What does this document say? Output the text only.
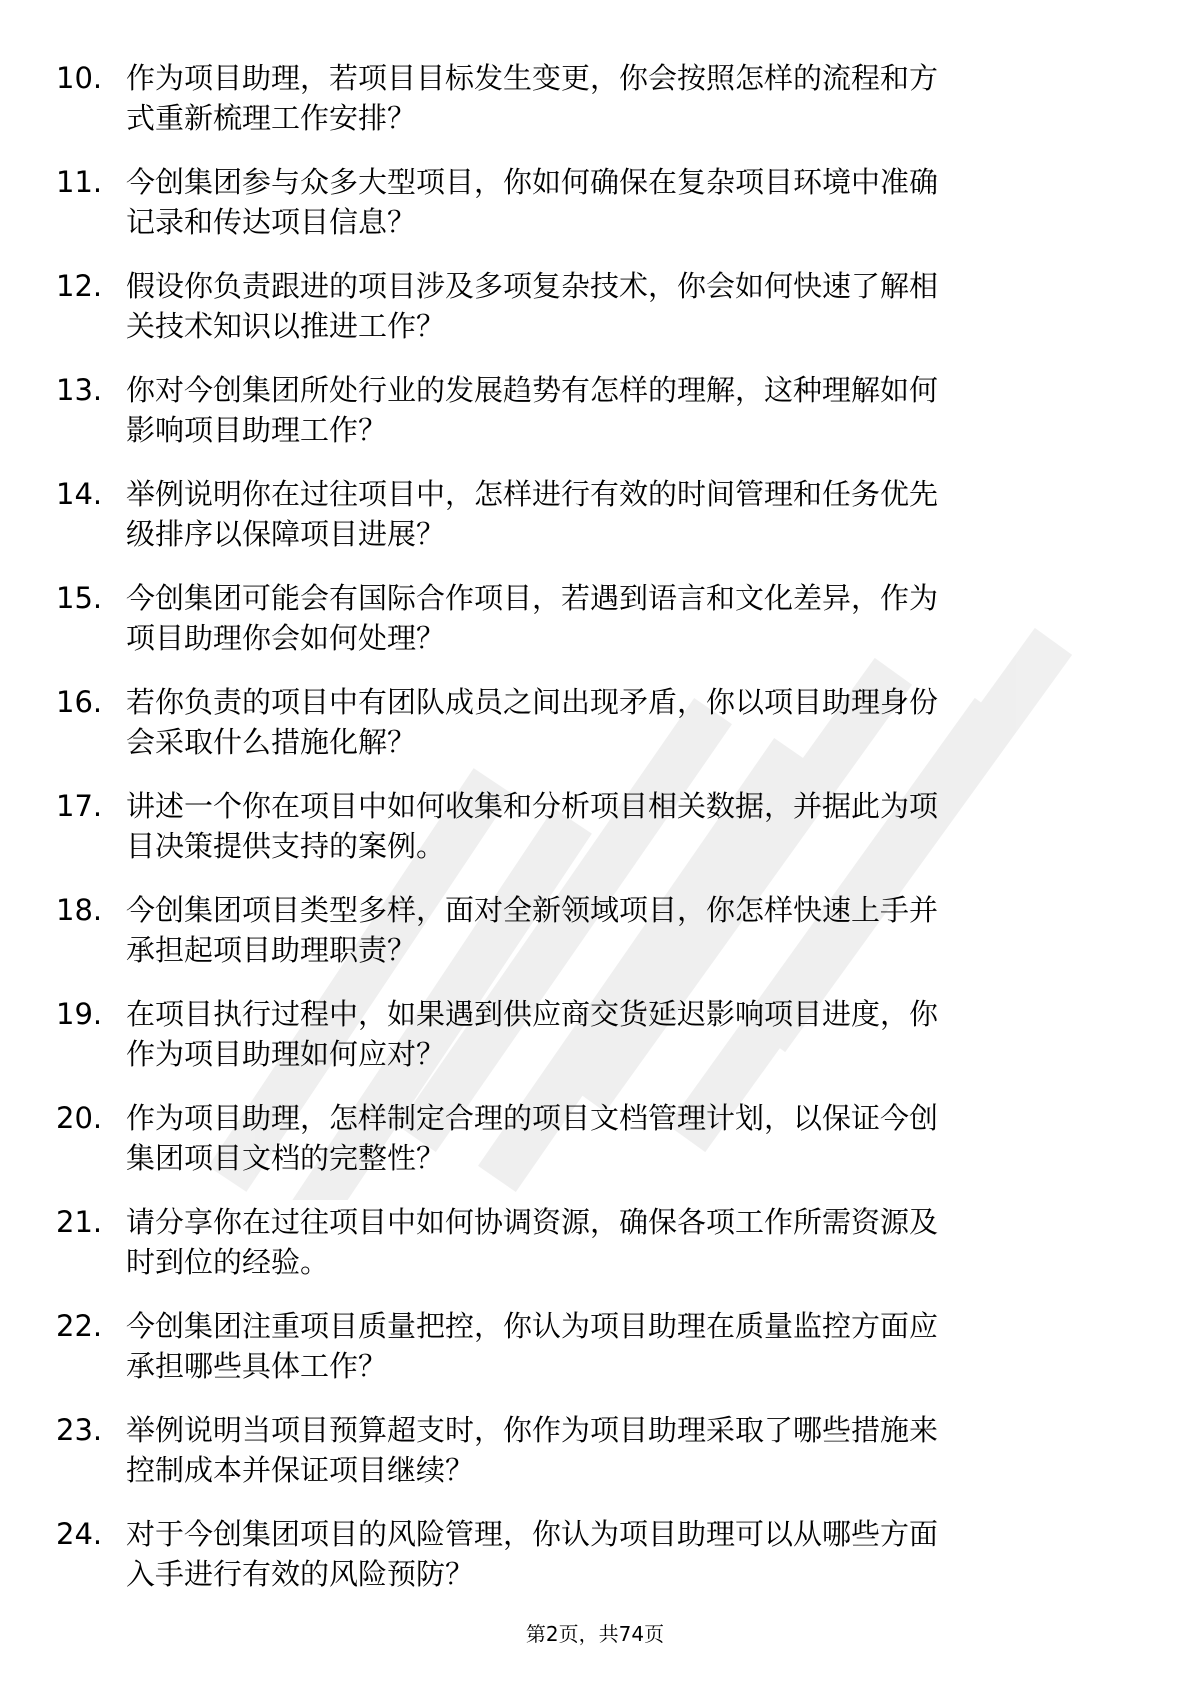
10. 作为项目助理，若项目目标发生变更，你会按照怎样的流程和方
式重新梳理工作安排？
11. 今创集团参与众多大型项目，你如何确保在复杂项目环境中准确
记录和传达项目信息？
12. 假设你负责跟进的项目涉及多项复杂技术，你会如何快速了解相
关技术知识以推进工作？
13. 你对今创集团所处行业的发展趋势有怎样的理解，这种理解如何
影响项目助理工作？
14. 举例说明你在过往项目中，怎样进行有效的时间管理和任务优先
级排序以保障项目进展？
15. 今创集团可能会有国际合作项目，若遇到语言和文化差异，作为
项目助理你会如何处理？
16. 若你负责的项目中有团队成员之间出现矛盾，你以项目助理身份
会采取什么措施化解？
17. 讲述一个你在项目中如何收集和分析项目相关数据，并据此为项
目决策提供支持的案例。
18. 今创集团项目类型多样，面对全新领域项目，你怎样快速上手并
承担起项目助理职责？
19. 在项目执行过程中，如果遇到供应商交货延迟影响项目进度，你
作为项目助理如何应对？
20. 作为项目助理，怎样制定合理的项目文档管理计划，以保证今创
集团项目文档的完整性？
21. 请分享你在过往项目中如何协调资源，确保各项工作所需资源及
时到位的经验。
22. 今创集团注重项目质量把控，你认为项目助理在质量监控方面应
承担哪些具体工作？
23. 举例说明当项目预算超支时，你作为项目助理采取了哪些措施来
控制成本并保证项目继续？
24. 对于今创集团项目的风险管理，你认为项目助理可以从哪些方面
入手进行有效的风险预防？
第2页，共74页
